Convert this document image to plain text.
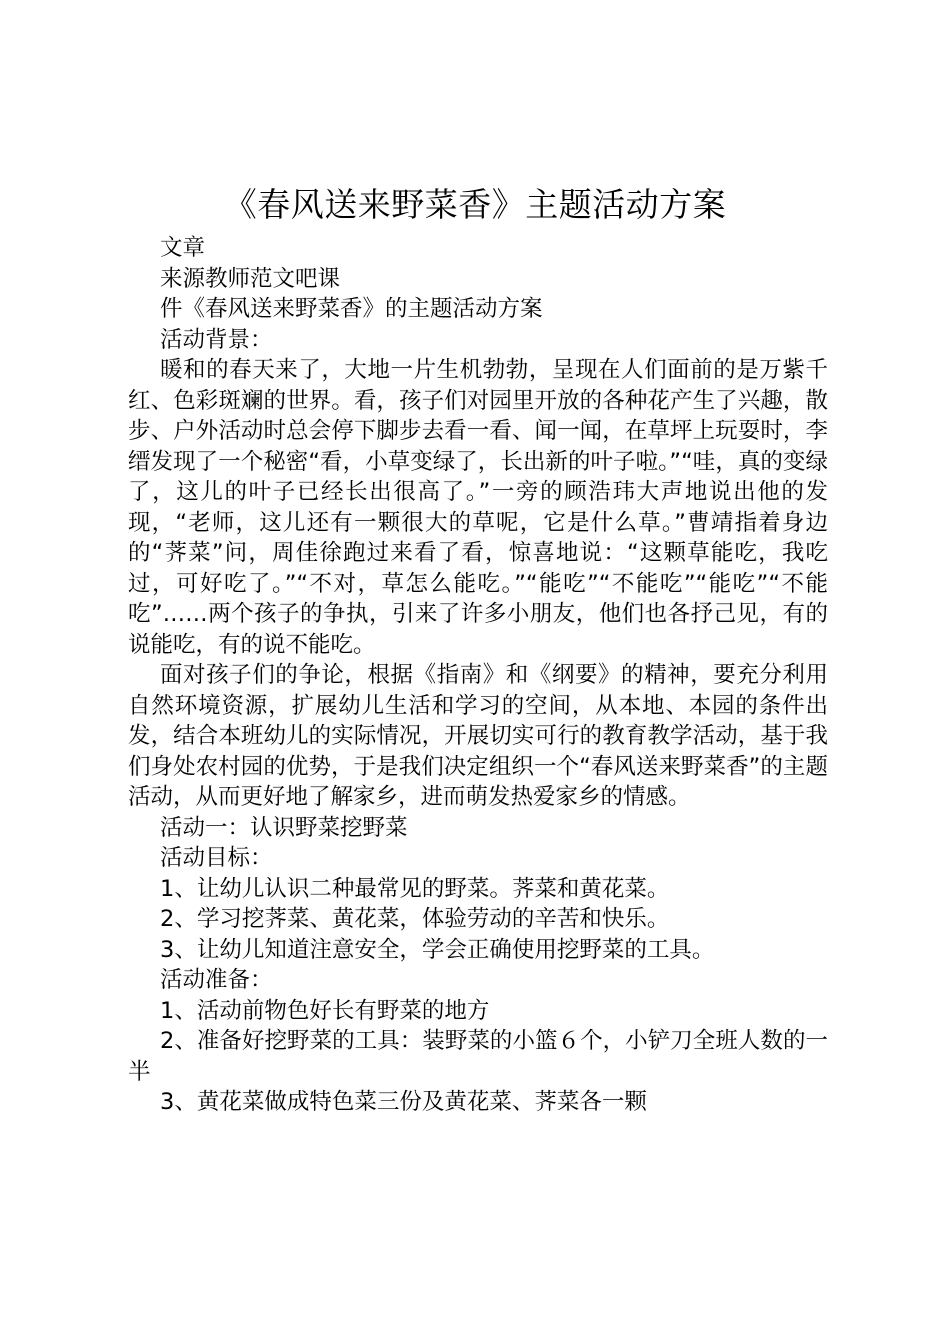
《春风送来野菜香》主题活动方案

文章

来源教师范文吧课

件《春风送来野菜香》的主题活动方案

活动背景：

暖和的春天来了，大地一片生机勃勃，呈现在人们面前的是万紫千红、色彩斑斓的世界。看，孩子们对园里开放的各种花产生了兴趣，散步、户外活动时总会停下脚步去看一看、闻一闻，在草坪上玩耍时，李缙发现了一个秘密“看，小草变绿了，长出新的叶子啦。”“哇，真的变绿了，这儿的叶子已经长出很高了。”一旁的顾浩玮大声地说出他的发现，“老师，这儿还有一颗很大的草呢，它是什么草。”曹靖指着身边的“荠菜”问，周佳徐跑过来看了看，惊喜地说：“这颗草能吃，我吃过，可好吃了。”“不对，草怎么能吃。”“能吃”“不能吃”“能吃”“不能吃”……两个孩子的争执，引来了许多小朋友，他们也各抒己见，有的说能吃，有的说不能吃。

面对孩子们的争论，根据《指南》和《纲要》的精神，要充分利用自然环境资源，扩展幼儿生活和学习的空间，从本地、本园的条件出发，结合本班幼儿的实际情况，开展切实可行的教育教学活动，基于我们身处农村园的优势，于是我们决定组织一个“春风送来野菜香”的主题活动，从而更好地了解家乡，进而萌发热爱家乡的情感。

活动一：认识野菜挖野菜

活动目标：

1、让幼儿认识二种最常见的野菜。荠菜和黄花菜。

2、学习挖荠菜、黄花菜，体验劳动的辛苦和快乐。

3、让幼儿知道注意安全，学会正确使用挖野菜的工具。

活动准备：

1、活动前物色好长有野菜的地方

2、准备好挖野菜的工具：装野菜的小篮６个，小铲刀全班人数的一半

3、黄花菜做成特色菜三份及黄花菜、荠菜各一颗
